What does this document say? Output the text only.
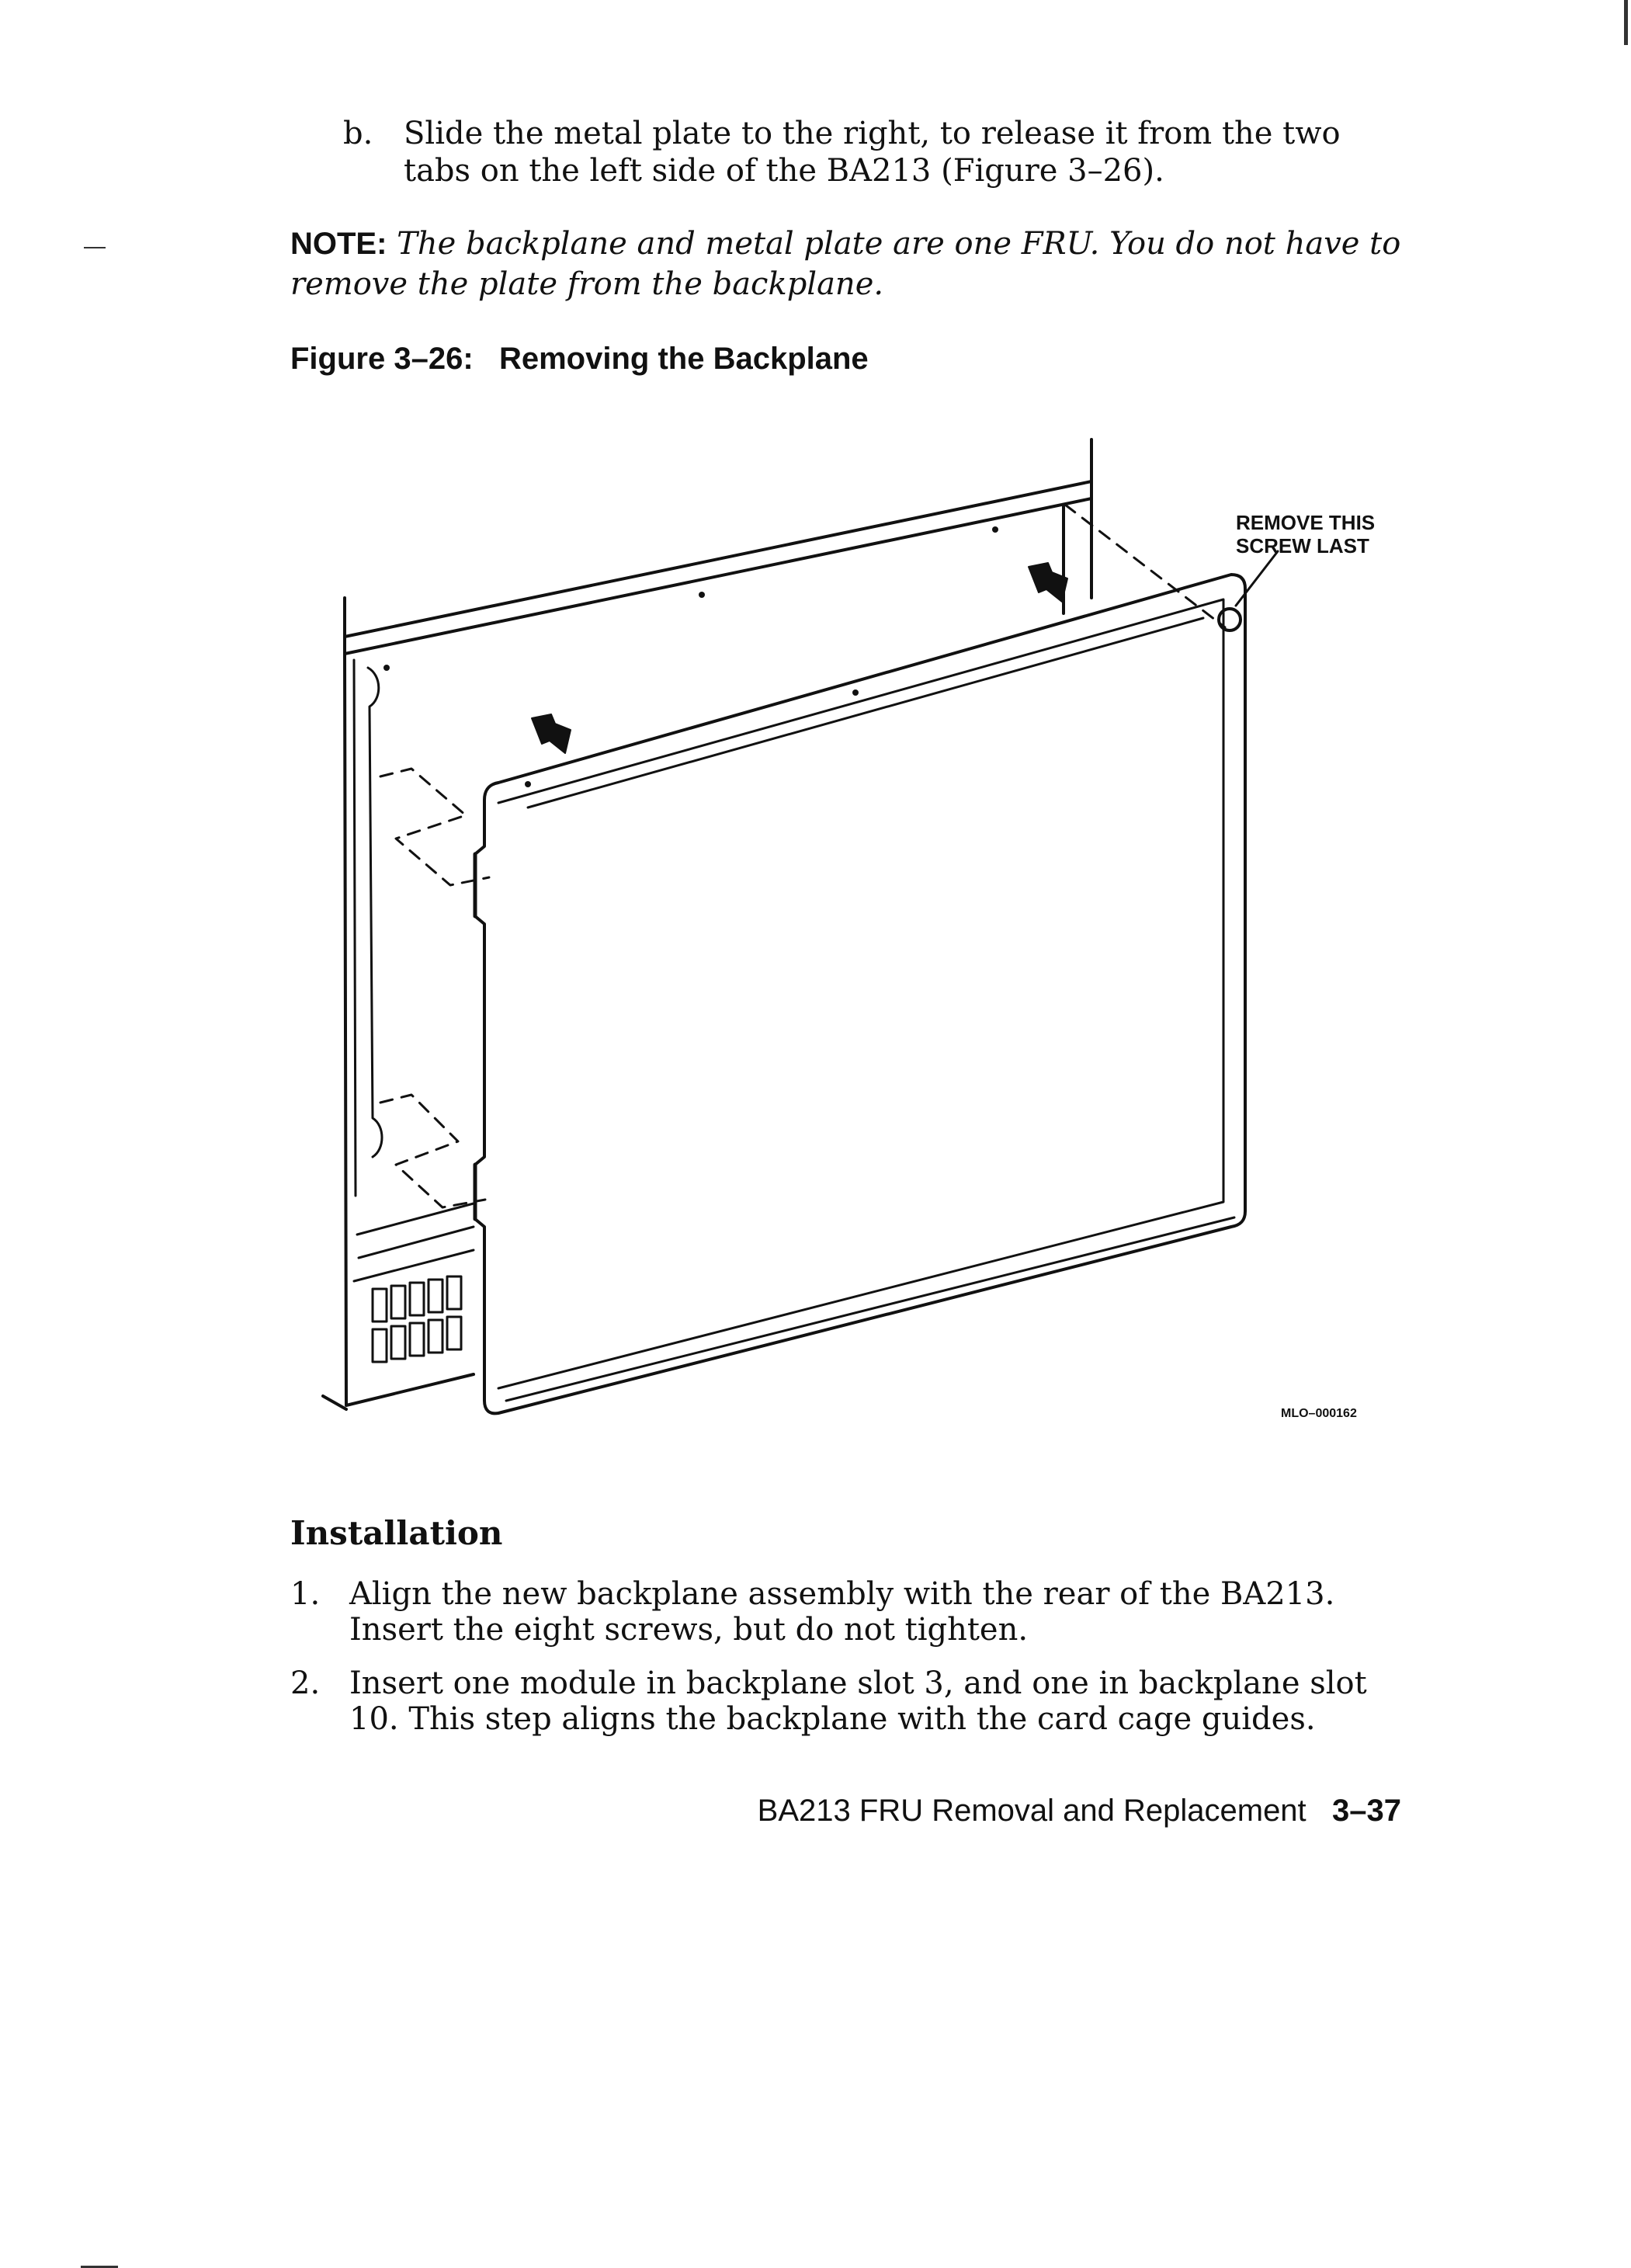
b. Slide the metal plate to the right, to release it from the two tabs on the left side of the BA213 (Figure 3–26).
NOTE: The backplane and metal plate are one FRU. You do not have to remove the plate from the backplane.
Figure 3–26:   Removing the Backplane
REMOVE THIS
SCREW LAST
MLO–000162
Installation
1. Align the new backplane assembly with the rear of the BA213. Insert the eight screws, but do not tighten.
2. Insert one module in backplane slot 3, and one in backplane slot 10. This step aligns the backplane with the card cage guides.
BA213 FRU Removal and Replacement 3–37
